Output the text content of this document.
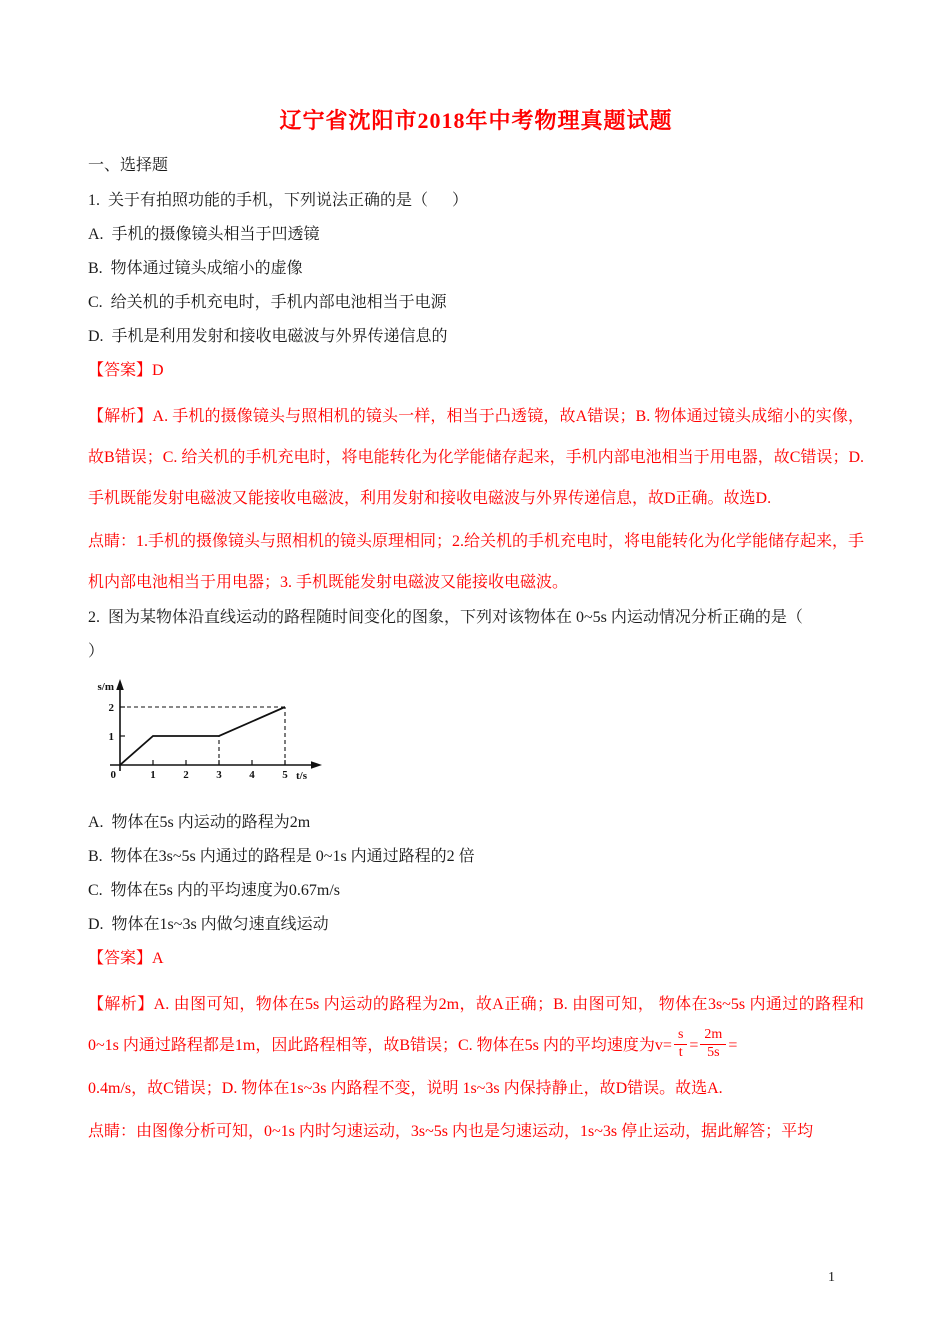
辽宁省沈阳市2018年中考物理真题试题
一、选择题
1.  关于有拍照功能的手机，下列说法正确的是（      ）
A.  手机的摄像镜头相当于凹透镜
B.  物体通过镜头成缩小的虚像
C.  给关机的手机充电时，手机内部电池相当于电源
D.  手机是利用发射和接收电磁波与外界传递信息的
【答案】D
【解析】A. 手机的摄像镜头与照相机的镜头一样，相当于凸透镜，故A错误；B. 物体通过镜头成缩小的实像，故B错误；C. 给关机的手机充电时，将电能转化为化学能储存起来，手机内部电池相当于用电器，故C错误；D. 手机既能发射电磁波又能接收电磁波，利用发射和接收电磁波与外界传递信息，故D正确。故选D.
点睛：1.手机的摄像镜头与照相机的镜头原理相同；2.给关机的手机充电时，将电能转化为化学能储存起来，手机内部电池相当于用电器；3. 手机既能发射电磁波又能接收电磁波。
2.  图为某物体沿直线运动的路程随时间变化的图象，下列对该物体在 0~5s 内运动情况分析正确的是（
）
s/m
t/s
0	1	2	3	4	5
1
2
A.  物体在5s 内运动的路程为2m
B.  物体在3s~5s 内通过的路程是 0~1s 内通过路程的2 倍
C.  物体在5s 内的平均速度为0.67m/s
D.  物体在1s~3s 内做匀速直线运动
【答案】A
【解析】A. 由图可知，物体在5s 内运动的路程为2m，故A正确；B. 由图可知， 物体在3s~5s 内通过的路程和0~1s 内通过路程都是1m，因此路程相等，故B错误；C. 物体在5s 内的平均速度为$v= \frac{s}{t} = \frac{2m}{5s}$ =
0.4m/s，故C错误；D. 物体在1s~3s 内路程不变，说明 1s~3s 内保持静止，故D错误。故选A.
点睛：由图像分析可知，0~1s 内时匀速运动，3s~5s 内也是匀速运动，1s~3s 停止运动，据此解答；平均
1
